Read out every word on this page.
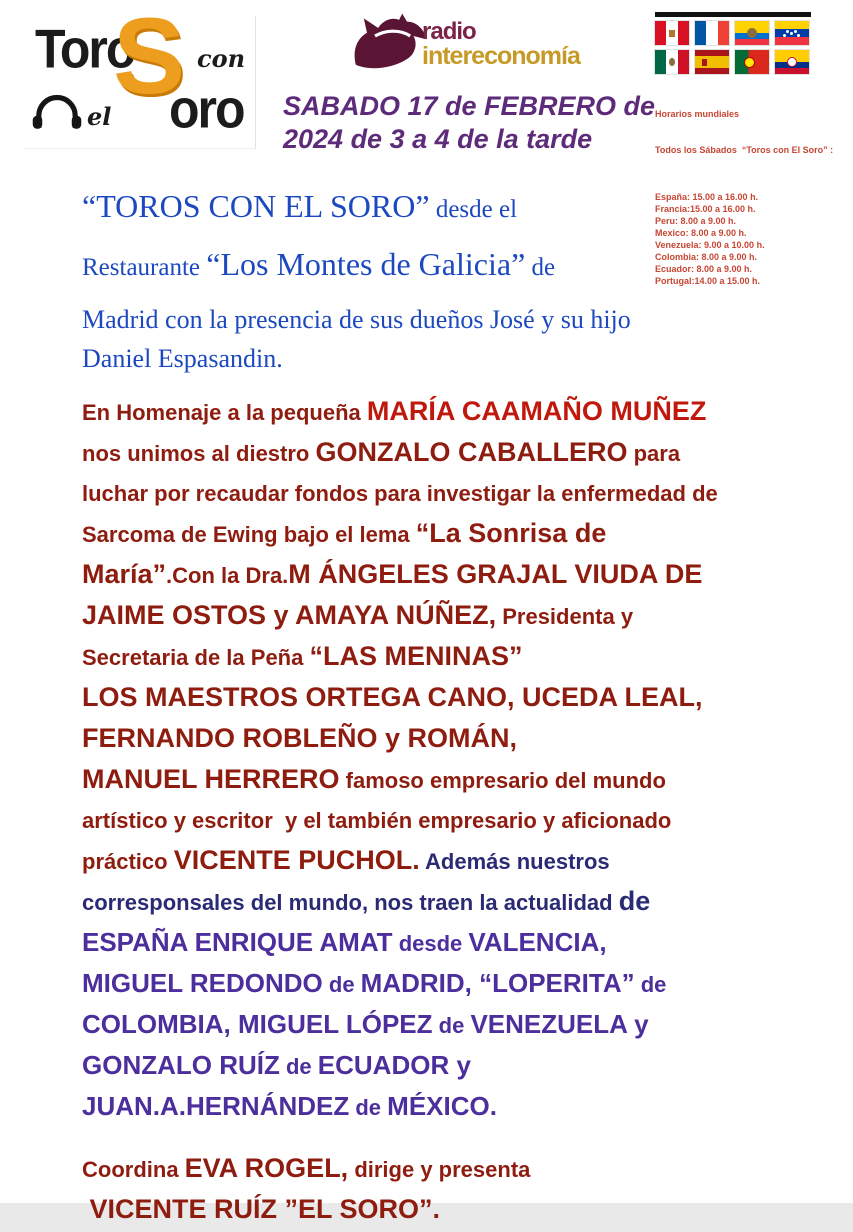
Toro
S con
el oro
radio
intereconomía
SABADO 17 de FEBRERO de
2024 de 3 a 4 de la tarde

Horarios mundiales

Todos los Sábados  “Toros con El Soro” :

España: 15.00 a 16.00 h.
Francia:15.00 a 16.00 h.
Peru: 8.00 a 9.00 h.
Mexico: 8.00 a 9.00 h.
Venezuela: 9.00 a 10.00 h.
Colombia: 8.00 a 9.00 h.
Ecuador: 8.00 a 9.00 h.
Portugal:14.00 a 15.00 h.

“TOROS CON EL SORO” desde el
Restaurante “Los Montes de Galicia” de
Madrid con la presencia de sus dueños José y su hijo
Daniel Espasandin.
En Homenaje a la pequeña MARÍA CAAMAÑO MUÑEZ
nos unimos al diestro GONZALO CABALLERO para
luchar por recaudar fondos para investigar la enfermedad de
Sarcoma de Ewing bajo el lema “La Sonrisa de
María”.Con la Dra.M ÁNGELES GRAJAL VIUDA DE
JAIME OSTOS y AMAYA NÚÑEZ, Presidenta y
Secretaria de la Peña “LAS MENINAS”
LOS MAESTROS ORTEGA CANO, UCEDA LEAL,
FERNANDO ROBLEÑO y ROMÁN,
MANUEL HERRERO famoso empresario del mundo
artístico y escritor  y el también empresario y aficionado
práctico VICENTE PUCHOL. Además nuestros
corresponsales del mundo, nos traen la actualidad de
ESPAÑA ENRIQUE AMAT desde VALENCIA,
MIGUEL REDONDO de MADRID, “LOPERITA” de
COLOMBIA, MIGUEL LÓPEZ de VENEZUELA y
GONZALO RUÍZ de ECUADOR y
JUAN.A.HERNÁNDEZ de MÉXICO.
Coordina EVA ROGEL, dirige y presenta
VICENTE RUÍZ ”EL SORO”.
